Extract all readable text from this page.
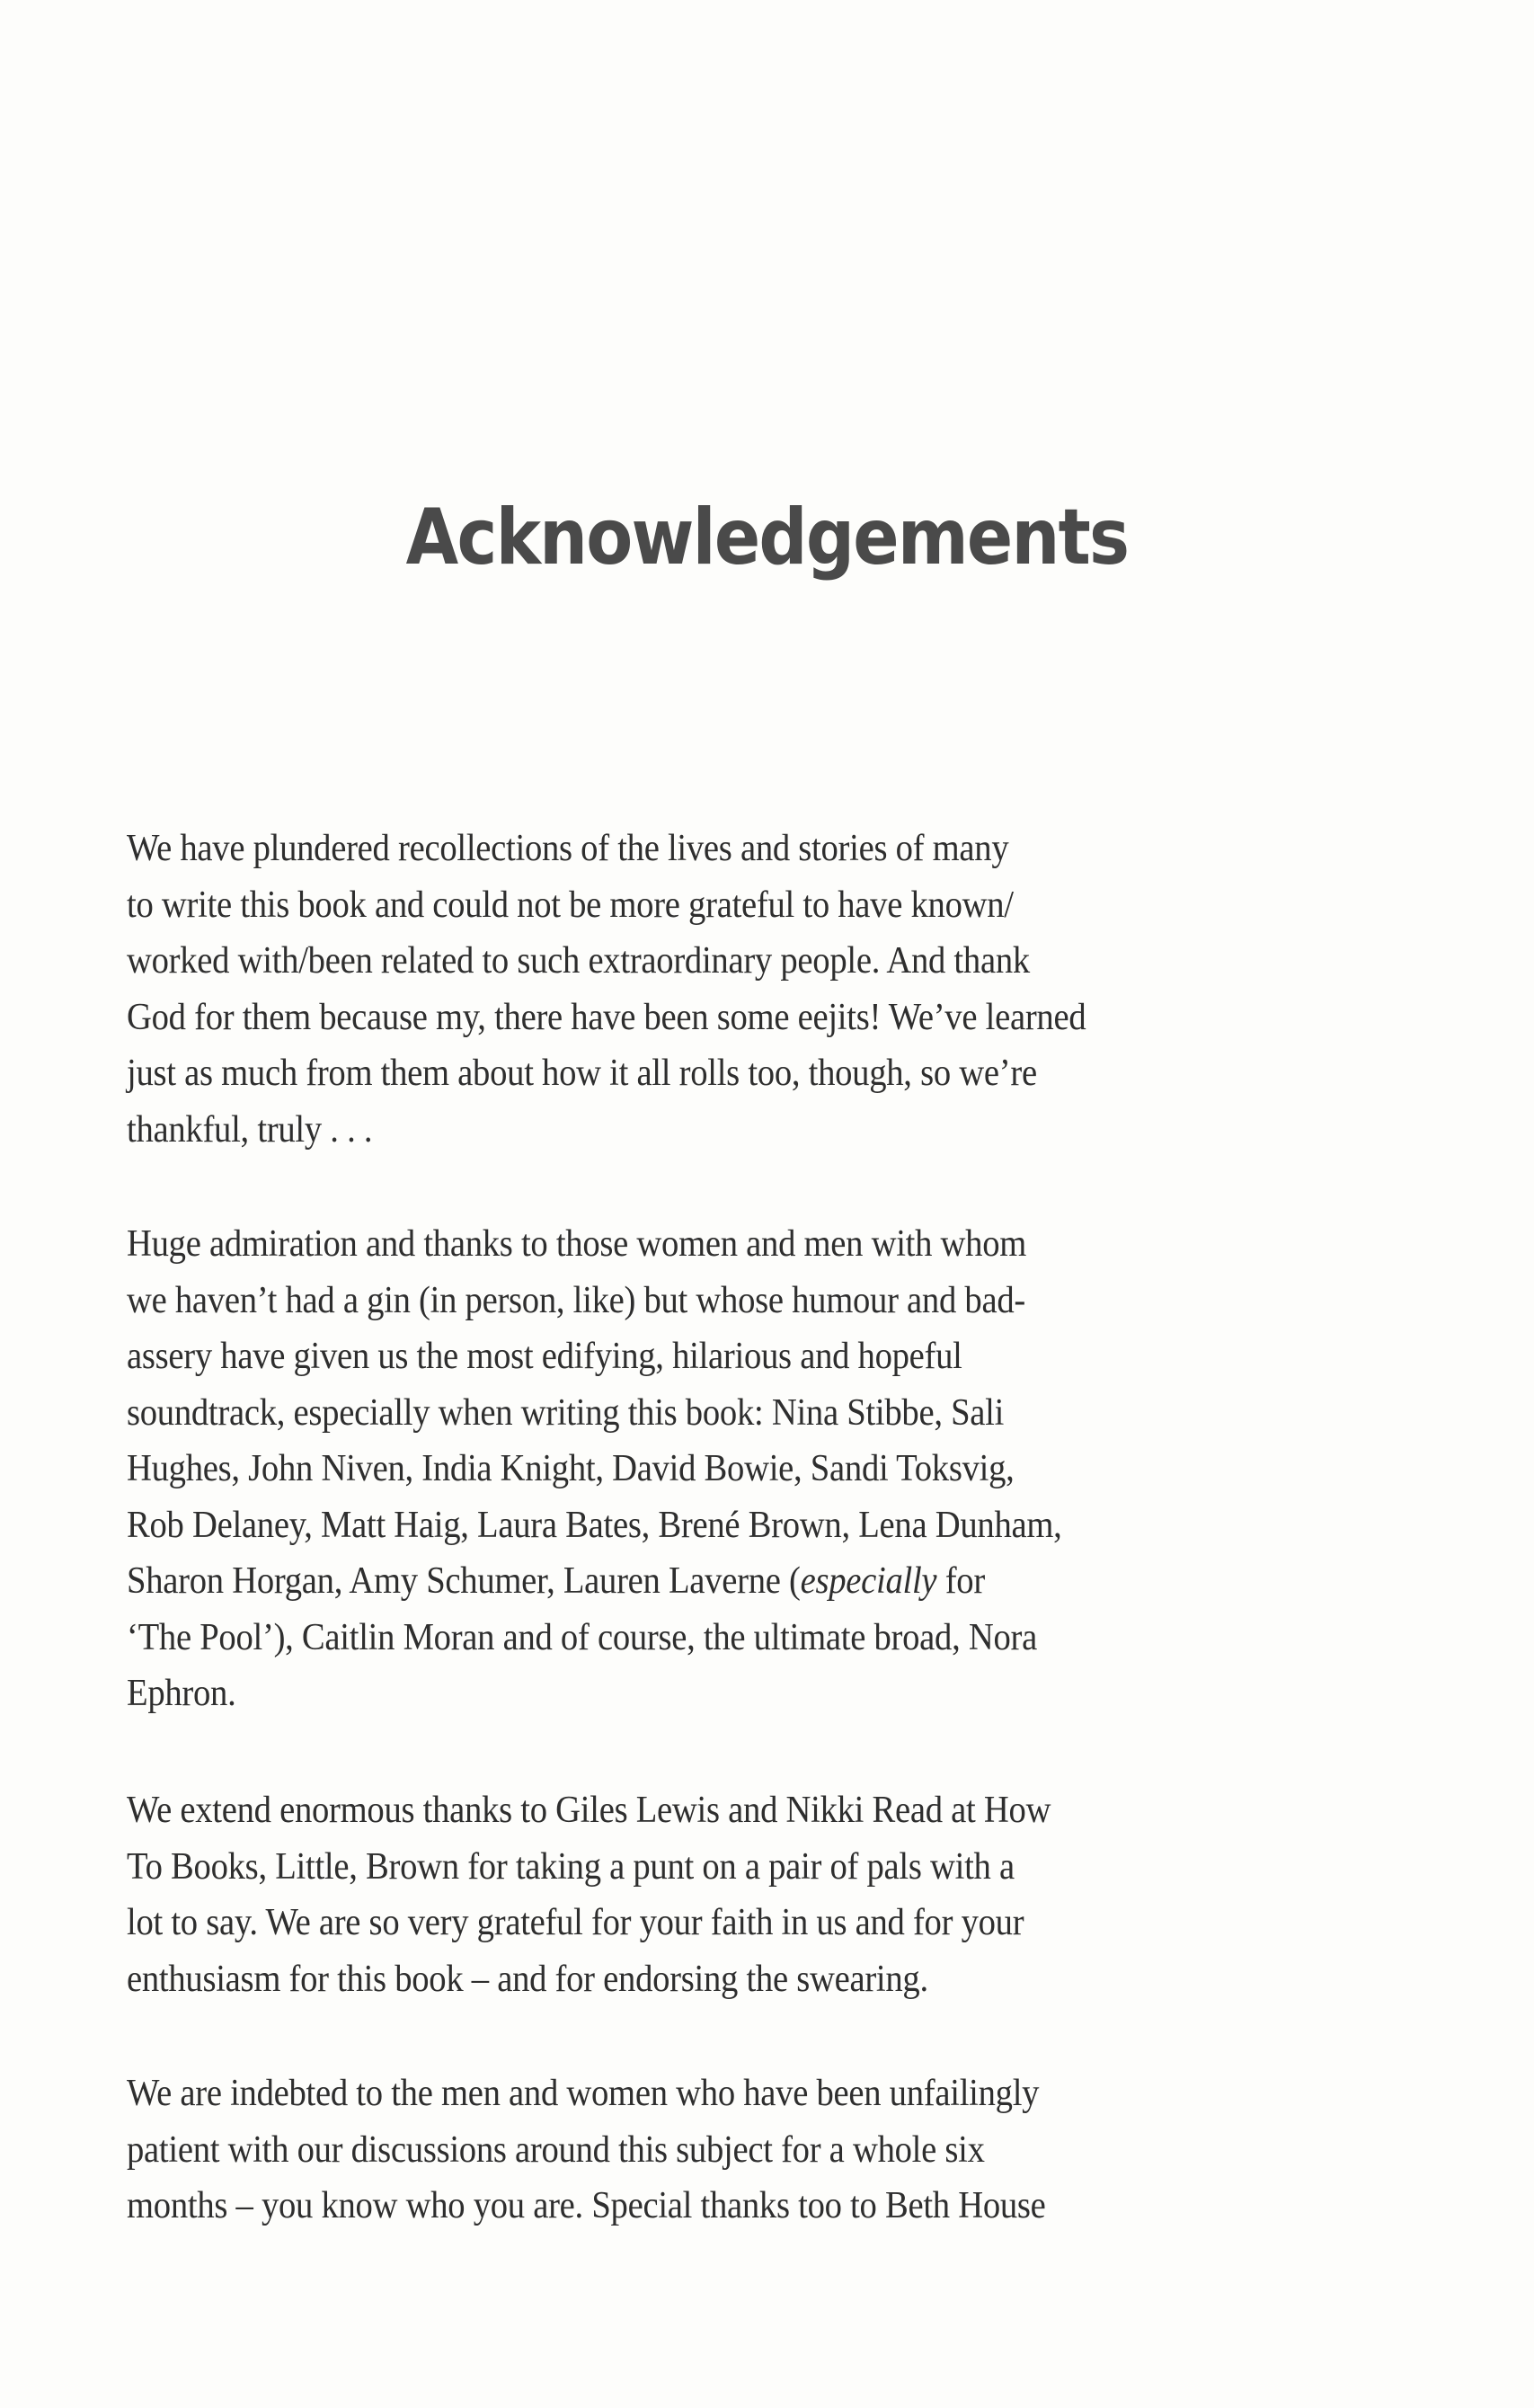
Acknowledgements
We have plundered recollections of the lives and stories of many
to write this book and could not be more grateful to have known/
worked with/been related to such extraordinary people. And thank
God for them because my, there have been some eejits! We’ve learned
just as much from them about how it all rolls too, though, so we’re
thankful, truly . . .
Huge admiration and thanks to those women and men with whom
we haven’t had a gin (in person, like) but whose humour and bad-
assery have given us the most edifying, hilarious and hopeful
soundtrack, especially when writing this book: Nina Stibbe, Sali
Hughes, John Niven, India Knight, David Bowie, Sandi Toksvig,
Rob Delaney, Matt Haig, Laura Bates, Brené Brown, Lena Dunham,
Sharon Horgan, Amy Schumer, Lauren Laverne (especially for
‘The Pool’), Caitlin Moran and of course, the ultimate broad, Nora
Ephron.
We extend enormous thanks to Giles Lewis and Nikki Read at How
To Books, Little, Brown for taking a punt on a pair of pals with a
lot to say. We are so very grateful for your faith in us and for your
enthusiasm for this book – and for endorsing the swearing.
We are indebted to the men and women who have been unfailingly
patient with our discussions around this subject for a whole six
months – you know who you are. Special thanks too to Beth House
